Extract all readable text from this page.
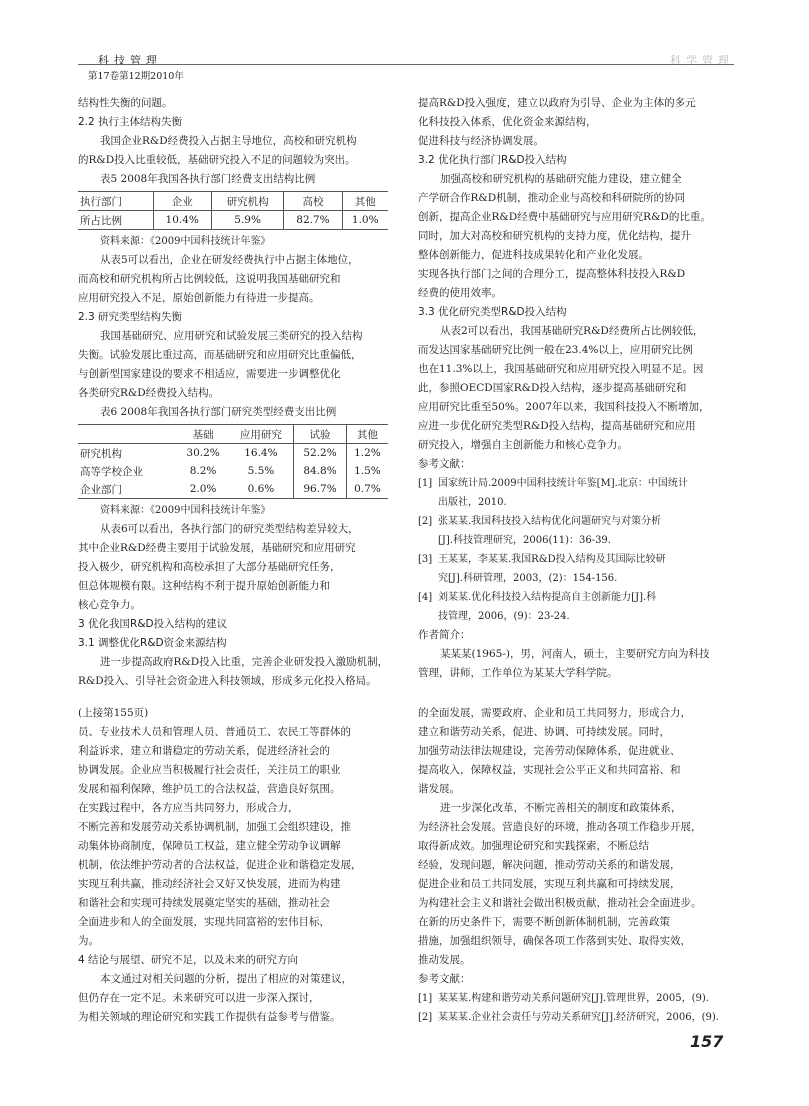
科技管理	科学管理
第17卷第12期2010年
结构性失衡的问题。
2.2 执行主体结构失衡
我国企业R&D经费投入占据主导地位，高校和研究机构
的R&D投入比重较低，基础研究投入不足的问题较为突出。
表5 2008年我国各执行部门经费支出结构比例
执行部门	企业	研究机构	高校	其他
所占比例	10.4%	5.9%	82.7%	1.0%
资料来源：《2009中国科技统计年鉴》
从表5可以看出，企业在研发经费执行中占据主体地位，
而高校和研究机构所占比例较低，这说明我国基础研究和
应用研究投入不足，原始创新能力有待进一步提高。
2.3 研究类型结构失衡
我国基础研究、应用研究和试验发展三类研究的投入结构
失衡。试验发展比重过高，而基础研究和应用研究比重偏低，
与创新型国家建设的要求不相适应，需要进一步调整优化
各类研究R&D经费投入结构。
表6 2008年我国各执行部门研究类型经费支出比例
	基础	应用研究	试验	其他
研究机构	30.2%	16.4%	52.2%	1.2%
高等学校企业	8.2%	5.5%	84.8%	1.5%
企业部门	2.0%	0.6%	96.7%	0.7%
资料来源：《2009中国科技统计年鉴》
从表6可以看出，各执行部门的研究类型结构差异较大，
其中企业R&D经费主要用于试验发展，基础研究和应用研究
投入极少，研究机构和高校承担了大部分基础研究任务，
但总体规模有限。这种结构不利于提升原始创新能力和
核心竞争力。
3 优化我国R&D投入结构的建议
3.1 调整优化R&D资金来源结构
进一步提高政府R&D投入比重，完善企业研发投入激励机制，
R&D投入、引导社会资金进入科技领域，形成多元化投入格局。
提高R&D投入强度，建立以政府为引导、企业为主体的多元
化科技投入体系，优化资金来源结构，
促进科技与经济协调发展。
3.2 优化执行部门R&D投入结构
加强高校和研究机构的基础研究能力建设，建立健全
产学研合作R&D机制，推动企业与高校和科研院所的协同
创新，提高企业R&D经费中基础研究与应用研究R&D的比重。
同时，加大对高校和研究机构的支持力度，优化结构，提升
整体创新能力，促进科技成果转化和产业化发展。
实现各执行部门之间的合理分工，提高整体科技投入R&D
经费的使用效率。
3.3 优化研究类型R&D投入结构
从表2可以看出，我国基础研究R&D经费所占比例较低，
而发达国家基础研究比例一般在23.4%以上，应用研究比例
也在11.3%以上，我国基础研究和应用研究投入明显不足。因
此，参照OECD国家R&D投入结构，逐步提高基础研究和
应用研究比重至50%。2007年以来，我国科技投入不断增加，
应进一步优化研究类型R&D投入结构，提高基础研究和应用
研究投入，增强自主创新能力和核心竞争力。
参考文献：
[1] 国家统计局.2009中国科技统计年鉴[M].北京：中国统计
出版社，2010.
[2] 张某某.我国科技投入结构优化问题研究与对策分析
[J].科技管理研究，2006(11)：36-39.
[3] 王某某，李某某.我国R&D投入结构及其国际比较研
究[J].科研管理，2003，(2)：154-156.
[4] 刘某某.优化科技投入结构提高自主创新能力[J].科
技管理，2006，(9)：23-24.
作者简介：
某某某(1965-)，男，河南人，硕士，主要研究方向为科技
管理，讲师，工作单位为某某大学科学院。
(上接第155页)
员、专业技术人员和管理人员、普通员工、农民工等群体的
利益诉求，建立和谐稳定的劳动关系，促进经济社会的
协调发展。企业应当积极履行社会责任，关注员工的职业
发展和福利保障，维护员工的合法权益，营造良好氛围。
在实践过程中，各方应当共同努力，形成合力，
不断完善和发展劳动关系协调机制，加强工会组织建设，推
动集体协商制度，保障员工权益，建立健全劳动争议调解
机制，依法维护劳动者的合法权益，促进企业和谐稳定发展，
实现互利共赢，推动经济社会又好又快发展，进而为构建
和谐社会和实现可持续发展奠定坚实的基础，推动社会
全面进步和人的全面发展，实现共同富裕的宏伟目标，
为。
4 结论与展望、研究不足，以及未来的研究方向
本文通过对相关问题的分析，提出了相应的对策建议，
但仍存在一定不足。未来研究可以进一步深入探讨，
为相关领域的理论研究和实践工作提供有益参考与借鉴。
的全面发展，需要政府、企业和员工共同努力，形成合力，
建立和谐劳动关系，促进、协调、可持续发展。同时，
加强劳动法律法规建设，完善劳动保障体系，促进就业、
提高收入，保障权益，实现社会公平正义和共同富裕、和
谐发展。
进一步深化改革，不断完善相关的制度和政策体系，
为经济社会发展。营造良好的环境，推动各项工作稳步开展，
取得新成效。加强理论研究和实践探索，不断总结
经验，发现问题，解决问题，推动劳动关系的和谐发展，
促进企业和员工共同发展，实现互利共赢和可持续发展，
为构建社会主义和谐社会做出积极贡献，推动社会全面进步。
在新的历史条件下，需要不断创新体制机制，完善政策
措施，加强组织领导，确保各项工作落到实处、取得实效，
推动发展。
参考文献：
[1] 某某某.构建和谐劳动关系问题研究[J].管理世界，2005，(9).
[2] 某某某.企业社会责任与劳动关系研究[J].经济研究，2006，(9).
157
